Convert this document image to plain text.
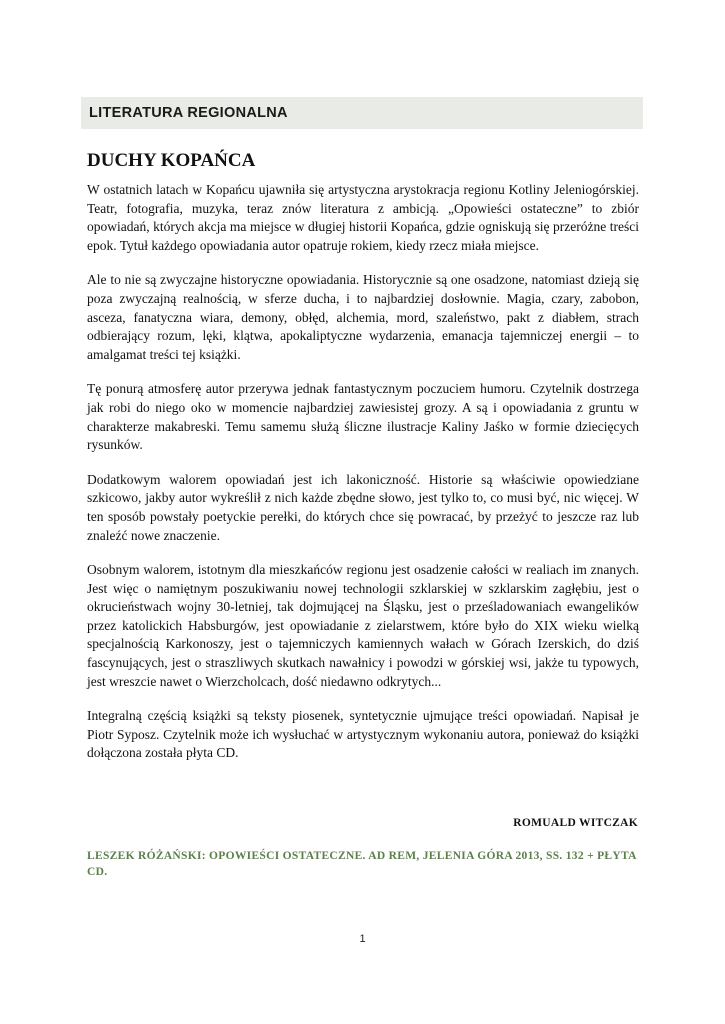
LITERATURA REGIONALNA
DUCHY KOPAŃCA

W ostatnich latach w Kopańcu ujawniła się artystyczna arystokracja regionu Kotliny Jeleniogórskiej. Teatr, fotografia, muzyka, teraz znów literatura z ambicją. „Opowieści ostateczne” to zbiór opowiadań, których akcja ma miejsce w długiej historii Kopańca, gdzie ogniskują się przeróżne treści epok. Tytuł każdego opowiadania autor opatruje rokiem, kiedy rzecz miała miejsce.

Ale to nie są zwyczajne historyczne opowiadania. Historycznie są one osadzone, natomiast dzieją się poza zwyczajną realnością, w sferze ducha, i to najbardziej dosłownie. Magia, czary, zabobon, asceza, fanatyczna wiara, demony, obłęd, alchemia, mord, szaleństwo, pakt z diabłem, strach odbierający rozum, lęki, klątwa, apokaliptyczne wydarzenia, emanacja tajemniczej energii – to amalgamat treści tej książki.

Tę ponurą atmosferę autor przerywa jednak fantastycznym poczuciem humoru. Czytelnik dostrzega jak robi do niego oko w momencie najbardziej zawiesistej grozy. A są i opowiadania z gruntu w charakterze makabreski. Temu samemu służą śliczne ilustracje Kaliny Jaśko w formie dziecięcych rysunków.

Dodatkowym walorem opowiadań jest ich lakoniczność. Historie są właściwie opowiedziane szkicowo, jakby autor wykreślił z nich każde zbędne słowo, jest tylko to, co musi być, nic więcej. W ten sposób powstały poetyckie perełki, do których chce się powracać, by przeżyć to jeszcze raz lub znaleźć nowe znaczenie.

Osobnym walorem, istotnym dla mieszkańców regionu jest osadzenie całości w realiach im znanych. Jest więc o namiętnym poszukiwaniu nowej technologii szklarskiej w szklarskim zagłębiu, jest o okrucieństwach wojny 30-letniej, tak dojmującej na Śląsku, jest o prześladowaniach ewangelików przez katolickich Habsburgów, jest opowiadanie z zielarstwem, które było do XIX wieku wielką specjalnością Karkonoszy, jest o tajemniczych kamiennych wałach w Górach Izerskich, do dziś fascynujących, jest o straszliwych skutkach nawałnicy i powodzi w górskiej wsi, jakże tu typowych, jest wreszcie nawet o Wierzcholcach, dość niedawno odkrytych...

Integralną częścią książki są teksty piosenek, syntetycznie ujmujące treści opowiadań. Napisał je Piotr Syposz. Czytelnik może ich wysłuchać w artystycznym wykonaniu autora, ponieważ do książki dołączona została płyta CD.

ROMUALD WITCZAK
LESZEK RÓŻAŃSKI: OPOWIEŚCI OSTATECZNE. AD REM, JELENIA GÓRA 2013, SS. 132 + PŁYTA CD.
1
